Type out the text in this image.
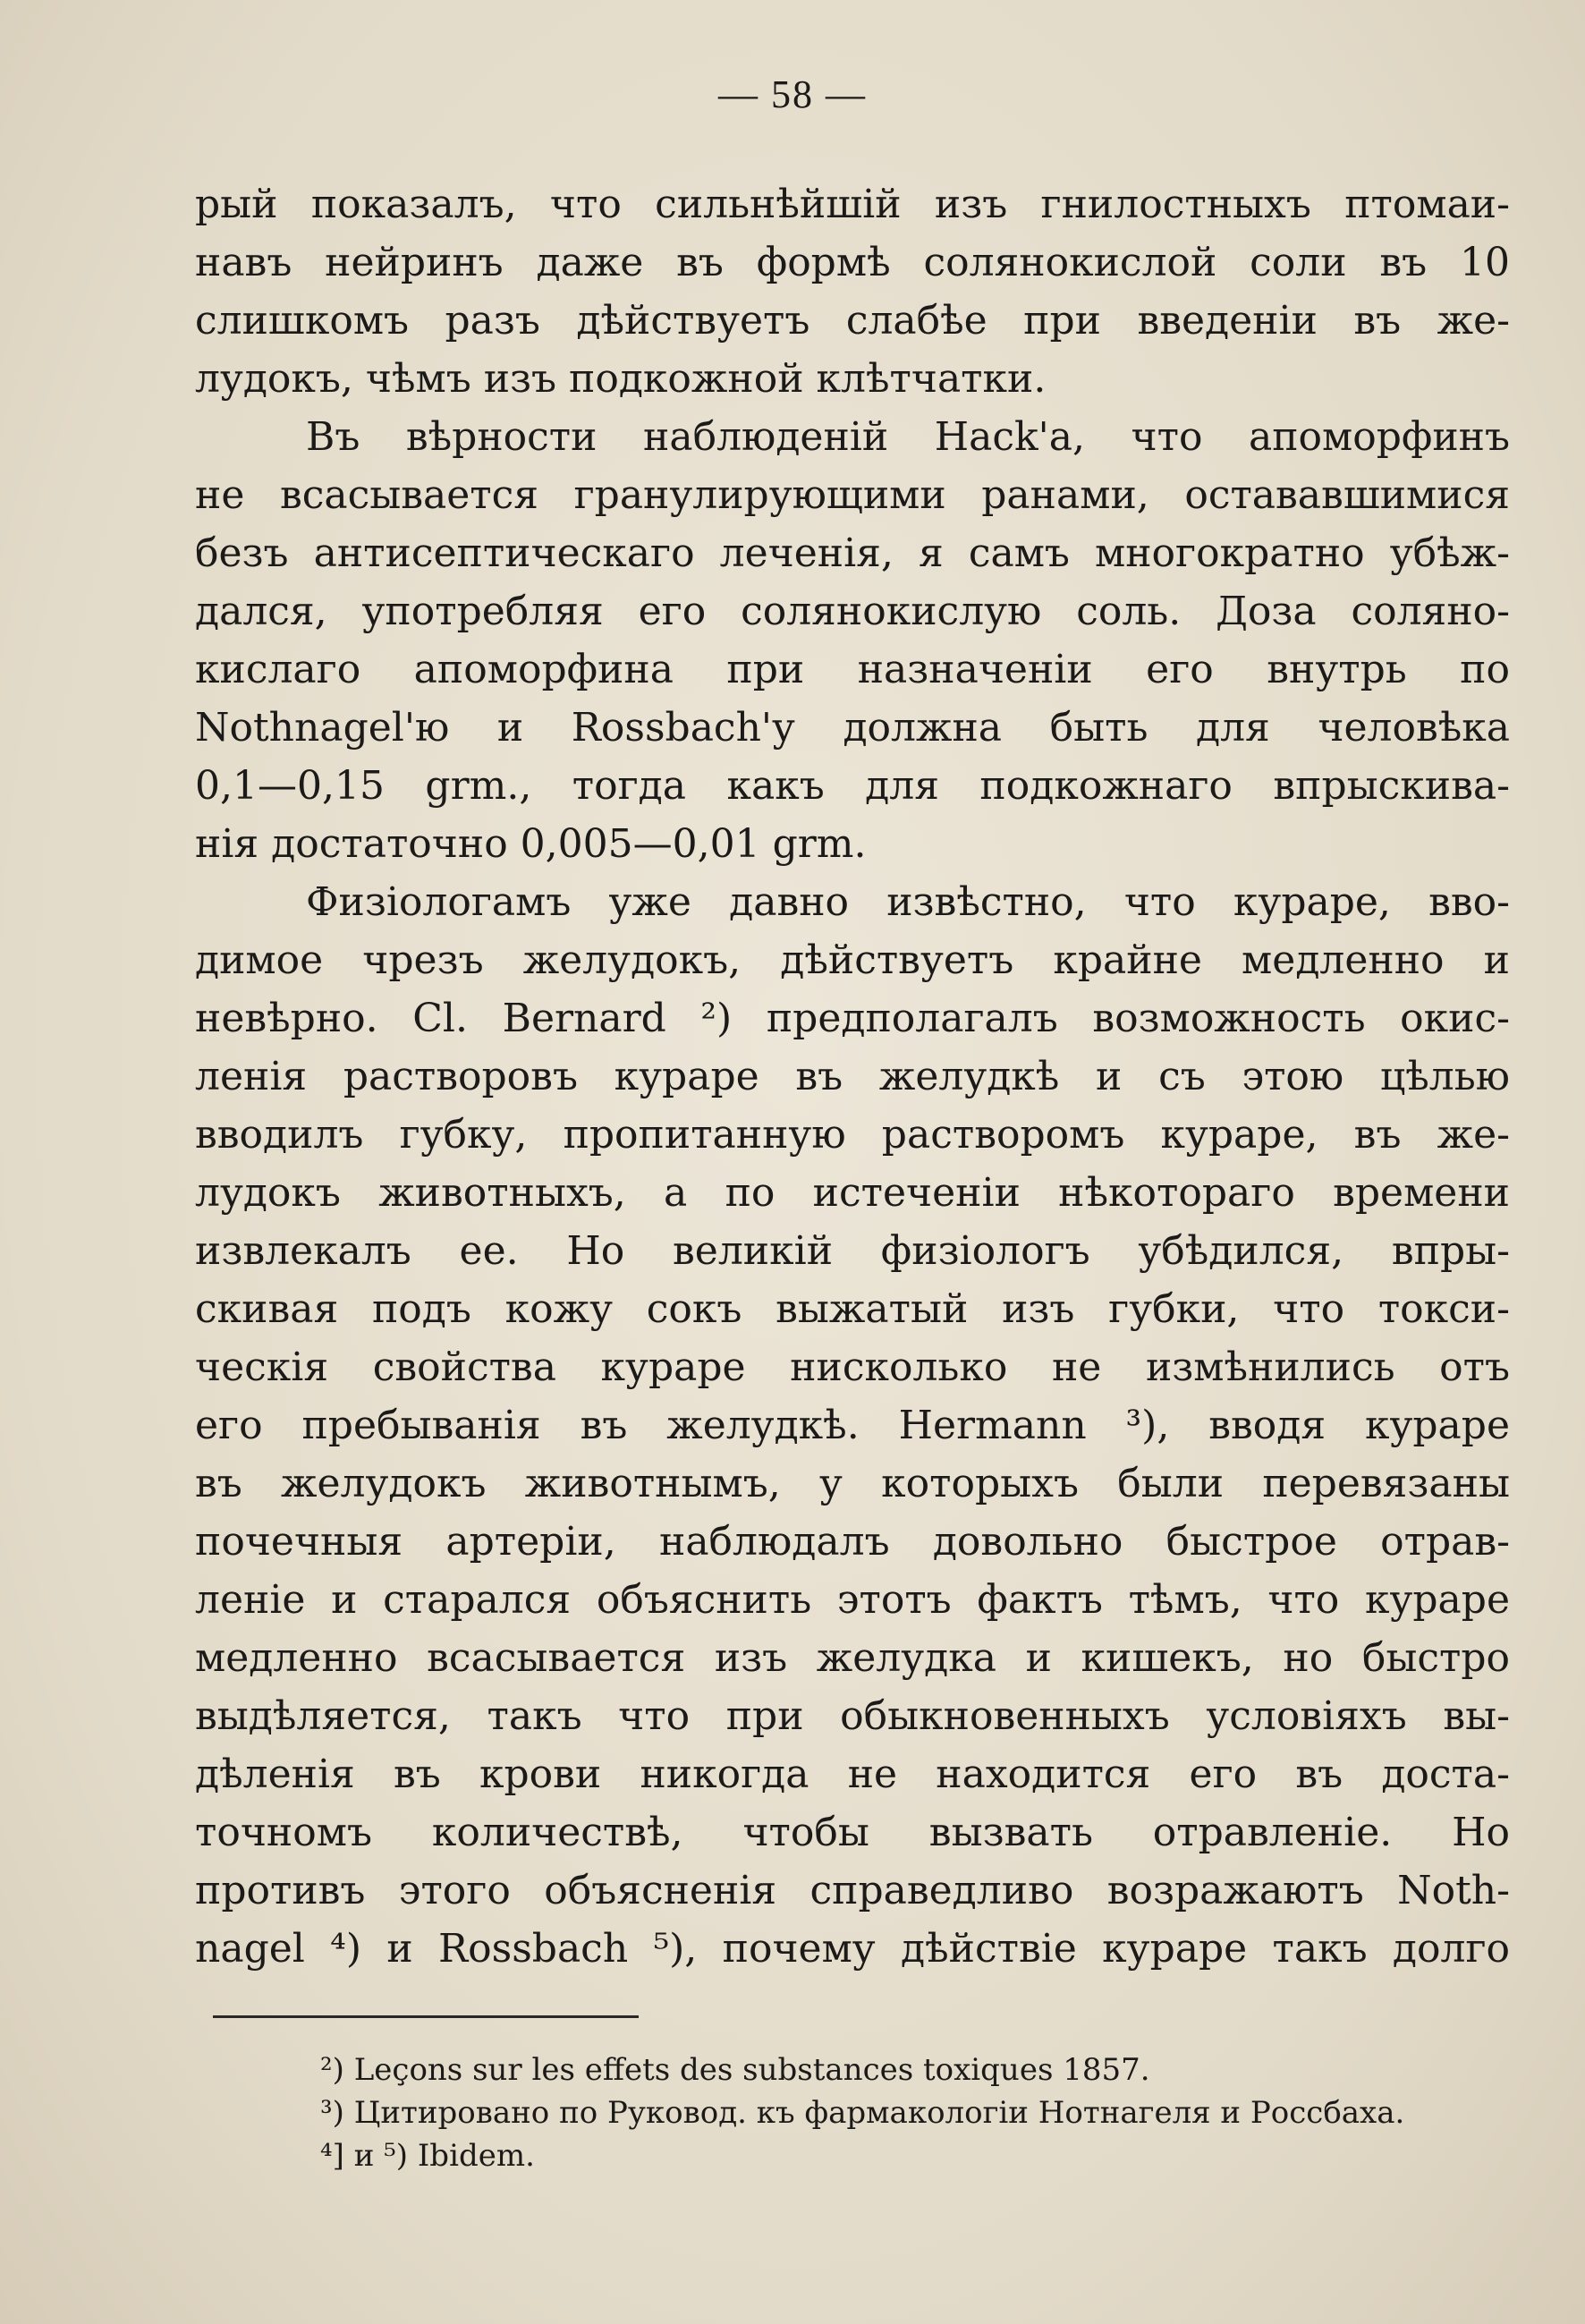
— 58 —
рый показалъ, что сильнѣйшій изъ гнилостныхъ птомаи-
навъ нейринъ даже въ формѣ солянокислой соли въ 10
слишкомъ разъ дѣйствуетъ слабѣе при введеніи въ же-
лудокъ, чѣмъ изъ подкожной клѣтчатки.
Въ вѣрности наблюденій Hack'a, что апоморфинъ
не всасывается гранулирующими ранами, остававшимися
безъ антисептическаго леченія, я самъ многократно убѣж-
дался, употребляя его солянокислую соль. Доза соляно-
кислаго апоморфина при назначеніи его внутрь по
Nothnagel'ю и Rossbach'у должна быть для человѣка
0,1—0,15 grm., тогда какъ для подкожнаго впрыскива-
нія достаточно 0,005—0,01 grm.
Физіологамъ уже давно извѣстно, что кураре, вво-
димое чрезъ желудокъ, дѣйствуетъ крайне медленно и
невѣрно. Cl. Bernard ²) предполагалъ возможность окис-
ленія растворовъ кураре въ желудкѣ и съ этою цѣлью
вводилъ губку, пропитанную растворомъ кураре, въ же-
лудокъ животныхъ, а по истеченіи нѣкотораго времени
извлекалъ ее. Но великій физіологъ убѣдился, впры-
скивая подъ кожу сокъ выжатый изъ губки, что токси-
ческія свойства кураре нисколько не измѣнились отъ
его пребыванія въ желудкѣ. Hermann ³), вводя кураре
въ желудокъ животнымъ, у которыхъ были перевязаны
почечныя артеріи, наблюдалъ довольно быстрое отрав-
леніе и старался объяснить этотъ фактъ тѣмъ, что кураре
медленно всасывается изъ желудка и кишекъ, но быстро
выдѣляется, такъ что при обыкновенныхъ условіяхъ вы-
дѣленія въ крови никогда не находится его въ доста-
точномъ количествѣ, чтобы вызвать отравленіе. Но
противъ этого объясненія справедливо возражаютъ Noth-
nagel ⁴) и Rossbach ⁵), почему дѣйствіе кураре такъ долго
²) Leçons sur les effets des substances toxiques 1857.
³) Цитировано по Руковод. къ фармакологіи Нотнагеля и Россбаха.
⁴] и ⁵) Ibidem.
